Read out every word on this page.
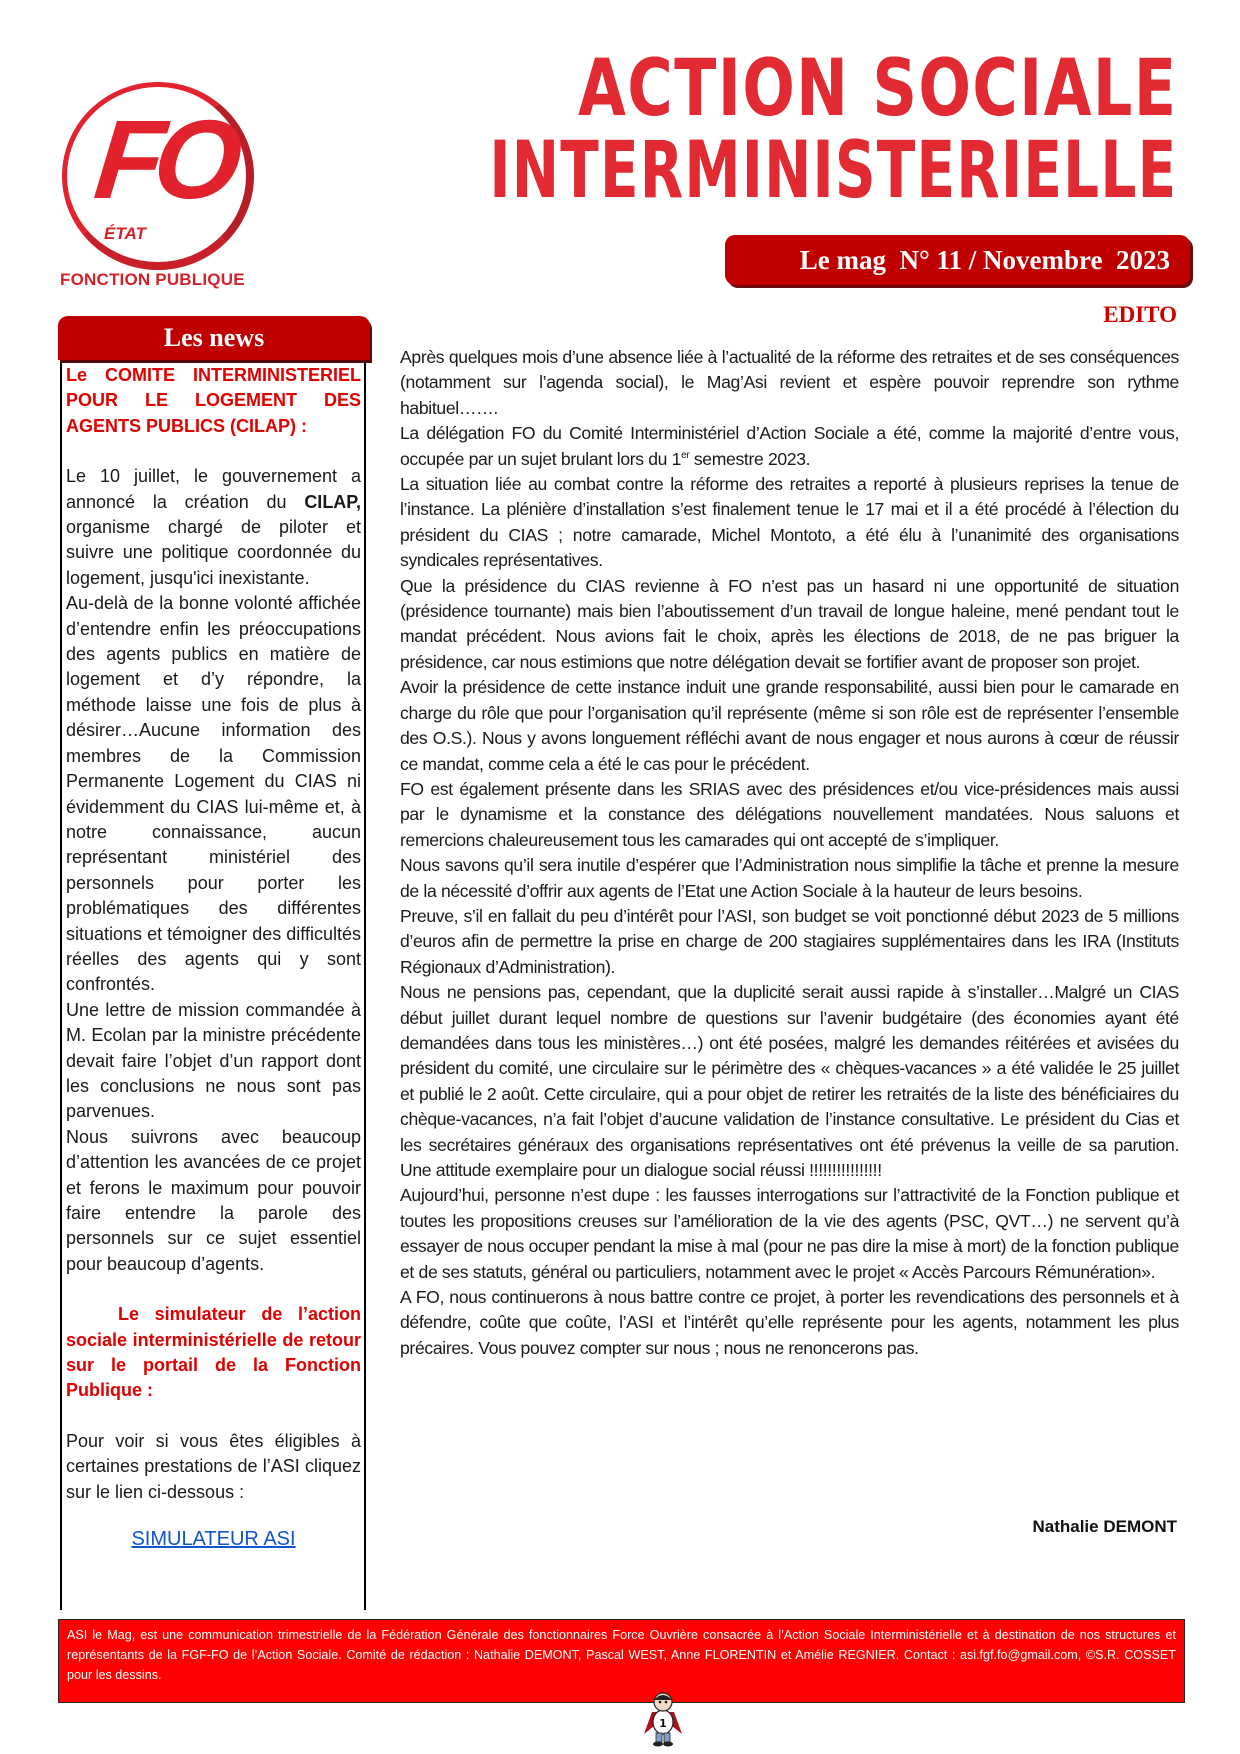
FO
ÉTAT
FONCTION PUBLIQUE
ACTION SOCIALE
INTERMINISTERIELLE
Le mag  N° 11 / Novembre  2023
EDITO
Les news
Le COMITE INTERMINISTERIEL POUR LE LOGEMENT DES AGENTS PUBLICS (CILAP) :

Le 10 juillet, le gouvernement a annoncé la création du CILAP, organisme chargé de piloter et suivre une politique coordonnée du logement, jusqu'ici inexistante.

Au-delà de la bonne volonté affichée d’entendre enfin les préoccupations des agents publics en matière de logement et d’y répondre, la méthode laisse une fois de plus à désirer…Aucune information des membres de la Commission Permanente Logement du CIAS ni évidemment du CIAS lui-même et, à notre connaissance, aucun représentant ministériel des personnels pour porter les problématiques des différentes situations et témoigner des difficultés réelles des agents qui y sont confrontés.

Une lettre de mission commandée à M. Ecolan par la ministre précédente devait faire l’objet d’un rapport dont les conclusions ne nous sont pas parvenues.

Nous suivrons avec beaucoup d’attention les avancées de ce projet et ferons le maximum pour pouvoir faire entendre la parole des personnels sur ce sujet essentiel pour beaucoup d’agents.

Le simulateur de l’action sociale interministérielle de retour sur le portail de la Fonction Publique :

Pour voir si vous êtes éligibles à certaines prestations de l’ASI cliquez sur le lien ci-dessous :

SIMULATEUR ASI

Après quelques mois d’une absence liée à l’actualité de la réforme des retraites et de ses conséquences (notamment sur l’agenda social), le Mag’Asi revient et espère pouvoir reprendre son rythme habituel…….

La délégation FO du Comité Interministériel d’Action Sociale a été, comme la majorité d’entre vous, occupée par un sujet brulant lors du 1er semestre 2023.

La situation liée au combat contre la réforme des retraites a reporté à plusieurs reprises la tenue de l’instance. La plénière d’installation s’est finalement tenue le 17 mai et il a été procédé à l’élection du président du CIAS ; notre camarade, Michel Montoto, a été élu à l’unanimité des organisations syndicales représentatives.

Que la présidence du CIAS revienne à FO n’est pas un hasard ni une opportunité de situation (présidence tournante) mais bien l’aboutissement d’un travail de longue haleine, mené pendant tout le mandat précédent. Nous avions fait le choix, après les élections de 2018, de ne pas briguer la présidence, car nous estimions que notre délégation devait se fortifier avant de proposer son projet.

Avoir la présidence de cette instance induit une grande responsabilité, aussi bien pour le camarade en charge du rôle que pour l’organisation qu’il représente (même si son rôle est de représenter l’ensemble des O.S.). Nous y avons longuement réfléchi avant de nous engager et nous aurons à cœur de réussir ce mandat, comme cela a été le cas pour le précédent.

FO est également présente dans les SRIAS avec des présidences et/ou vice-présidences mais aussi par le dynamisme et la constance des délégations nouvellement mandatées. Nous saluons et remercions chaleureusement tous les camarades qui ont accepté de s’impliquer.

Nous savons qu’il sera inutile d’espérer que l’Administration nous simplifie la tâche et prenne la mesure de la nécessité d’offrir aux agents de l’Etat une Action Sociale à la hauteur de leurs besoins.

Preuve, s’il en fallait du peu d’intérêt pour l’ASI, son budget se voit ponctionné début 2023 de 5 millions d’euros afin de permettre la prise en charge de 200 stagiaires supplémentaires dans les IRA (Instituts Régionaux d’Administration).

Nous ne pensions pas, cependant, que la duplicité serait aussi rapide à s’installer…Malgré un CIAS début juillet durant lequel nombre de questions sur l’avenir budgétaire (des économies ayant été demandées dans tous les ministères…) ont été posées, malgré les demandes réitérées et avisées du président du comité, une circulaire sur le périmètre des « chèques-vacances » a été validée le 25 juillet et publié le 2 août. Cette circulaire, qui a pour objet de retirer les retraités de la liste des bénéficiaires du chèque-vacances, n’a fait l’objet d’aucune validation de l’instance consultative. Le président du Cias et les secrétaires généraux des organisations représentatives ont été prévenus la veille de sa parution. Une attitude exemplaire pour un dialogue social réussi !!!!!!!!!!!!!!!!

Aujourd’hui, personne n’est dupe : les fausses interrogations sur l’attractivité de la Fonction publique et toutes les propositions creuses sur l’amélioration de la vie des agents (PSC, QVT…) ne servent qu’à essayer de nous occuper pendant la mise à mal (pour ne pas dire la mise à mort) de la fonction publique et de ses statuts, général ou particuliers, notamment avec le projet « Accès Parcours Rémunération».

A FO, nous continuerons à nous battre contre ce projet, à porter les revendications des personnels et à défendre, coûte que coûte, l’ASI et l’intérêt qu’elle représente pour les agents, notamment les plus précaires. Vous pouvez compter sur nous ; nous ne renoncerons pas.

Nathalie DEMONT
ASI le Mag, est une communication trimestrielle de la Fédération Générale des fonctionnaires Force Ouvrière consacrée à l’Action Sociale Interministérielle et à destination de nos structures et représentants de la FGF-FO de l’Action Sociale. Comité de rédaction : Nathalie DEMONT, Pascal WEST, Anne FLORENTIN et Amélie REGNIER. Contact : asi.fgf.fo@gmail.com, ©S.R. COSSET pour les dessins.
1
